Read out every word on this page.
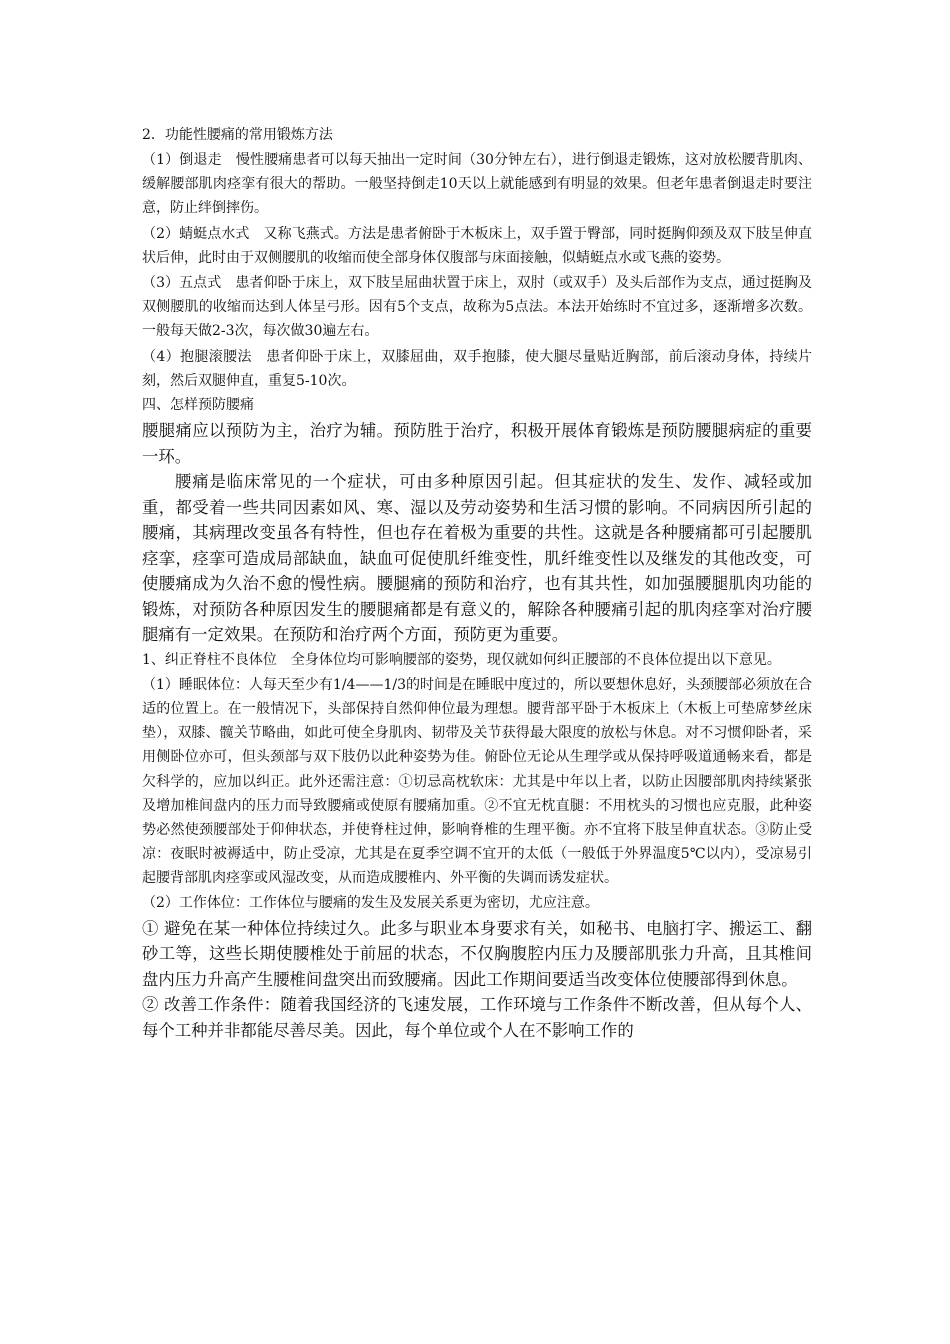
2．功能性腰痛的常用锻炼方法

（1）倒退走　慢性腰痛患者可以每天抽出一定时间（30分钟左右），进行倒退走锻炼，这对放松腰背肌肉、缓解腰部肌肉痉挛有很大的帮助。一般坚持倒走10天以上就能感到有明显的效果。但老年患者倒退走时要注意，防止绊倒摔伤。

（2）蜻蜓点水式　又称飞燕式。方法是患者俯卧于木板床上，双手置于臀部，同时挺胸仰颈及双下肢呈伸直状后伸，此时由于双侧腰肌的收缩而使全部身体仅腹部与床面接触，似蜻蜓点水或飞燕的姿势。

（3）五点式　患者仰卧于床上，双下肢呈屈曲状置于床上，双肘（或双手）及头后部作为支点，通过挺胸及双侧腰肌的收缩而达到人体呈弓形。因有5个支点，故称为5点法。本法开始练时不宜过多，逐渐增多次数。一般每天做2-3次，每次做30遍左右。

（4）抱腿滚腰法　患者仰卧于床上，双膝屈曲，双手抱膝，使大腿尽量贴近胸部，前后滚动身体，持续片刻，然后双腿伸直，重复5-10次。

四、怎样预防腰痛

腰腿痛应以预防为主，治疗为辅。预防胜于治疗，积极开展体育锻炼是预防腰腿病症的重要一环。

腰痛是临床常见的一个症状，可由多种原因引起。但其症状的发生、发作、减轻或加重，都受着一些共同因素如风、寒、湿以及劳动姿势和生活习惯的影响。不同病因所引起的腰痛，其病理改变虽各有特性，但也存在着极为重要的共性。这就是各种腰痛都可引起腰肌痉挛，痉挛可造成局部缺血，缺血可促使肌纤维变性，肌纤维变性以及继发的其他改变，可使腰痛成为久治不愈的慢性病。腰腿痛的预防和治疗，也有其共性，如加强腰腿肌肉功能的锻炼，对预防各种原因发生的腰腿痛都是有意义的，解除各种腰痛引起的肌肉痉挛对治疗腰腿痛有一定效果。在预防和治疗两个方面，预防更为重要。

1、纠正脊柱不良体位　全身体位均可影响腰部的姿势，现仅就如何纠正腰部的不良体位提出以下意见。

（1）睡眠体位：人每天至少有1/4——1/3的时间是在睡眠中度过的，所以要想休息好，头颈腰部必须放在合适的位置上。在一般情况下，头部保持自然仰伸位最为理想。腰背部平卧于木板床上（木板上可垫席梦丝床垫），双膝、髋关节略曲，如此可使全身肌肉、韧带及关节获得最大限度的放松与休息。对不习惯仰卧者，采用侧卧位亦可，但头颈部与双下肢仍以此种姿势为佳。俯卧位无论从生理学或从保持呼吸道通畅来看，都是欠科学的，应加以纠正。此外还需注意：①切忌高枕软床：尤其是中年以上者，以防止因腰部肌肉持续紧张及增加椎间盘内的压力而导致腰痛或使原有腰痛加重。②不宜无枕直腿：不用枕头的习惯也应克服，此种姿势必然使颈腰部处于仰伸状态，并使脊柱过伸，影响脊椎的生理平衡。亦不宜将下肢呈伸直状态。③防止受凉：夜眠时被褥适中，防止受凉，尤其是在夏季空调不宜开的太低（一般低于外界温度5℃以内），受凉易引起腰背部肌肉痉挛或风湿改变，从而造成腰椎内、外平衡的失调而诱发症状。

（2）工作体位：工作体位与腰痛的发生及发展关系更为密切，尤应注意。

① 避免在某一种体位持续过久。此多与职业本身要求有关，如秘书、电脑打字、搬运工、翻砂工等，这些长期使腰椎处于前屈的状态，不仅胸腹腔内压力及腰部肌张力升高，且其椎间盘内压力升高产生腰椎间盘突出而致腰痛。因此工作期间要适当改变体位使腰部得到休息。

② 改善工作条件：随着我国经济的飞速发展，工作环境与工作条件不断改善，但从每个人、每个工种并非都能尽善尽美。因此，每个单位或个人在不影响工作的
